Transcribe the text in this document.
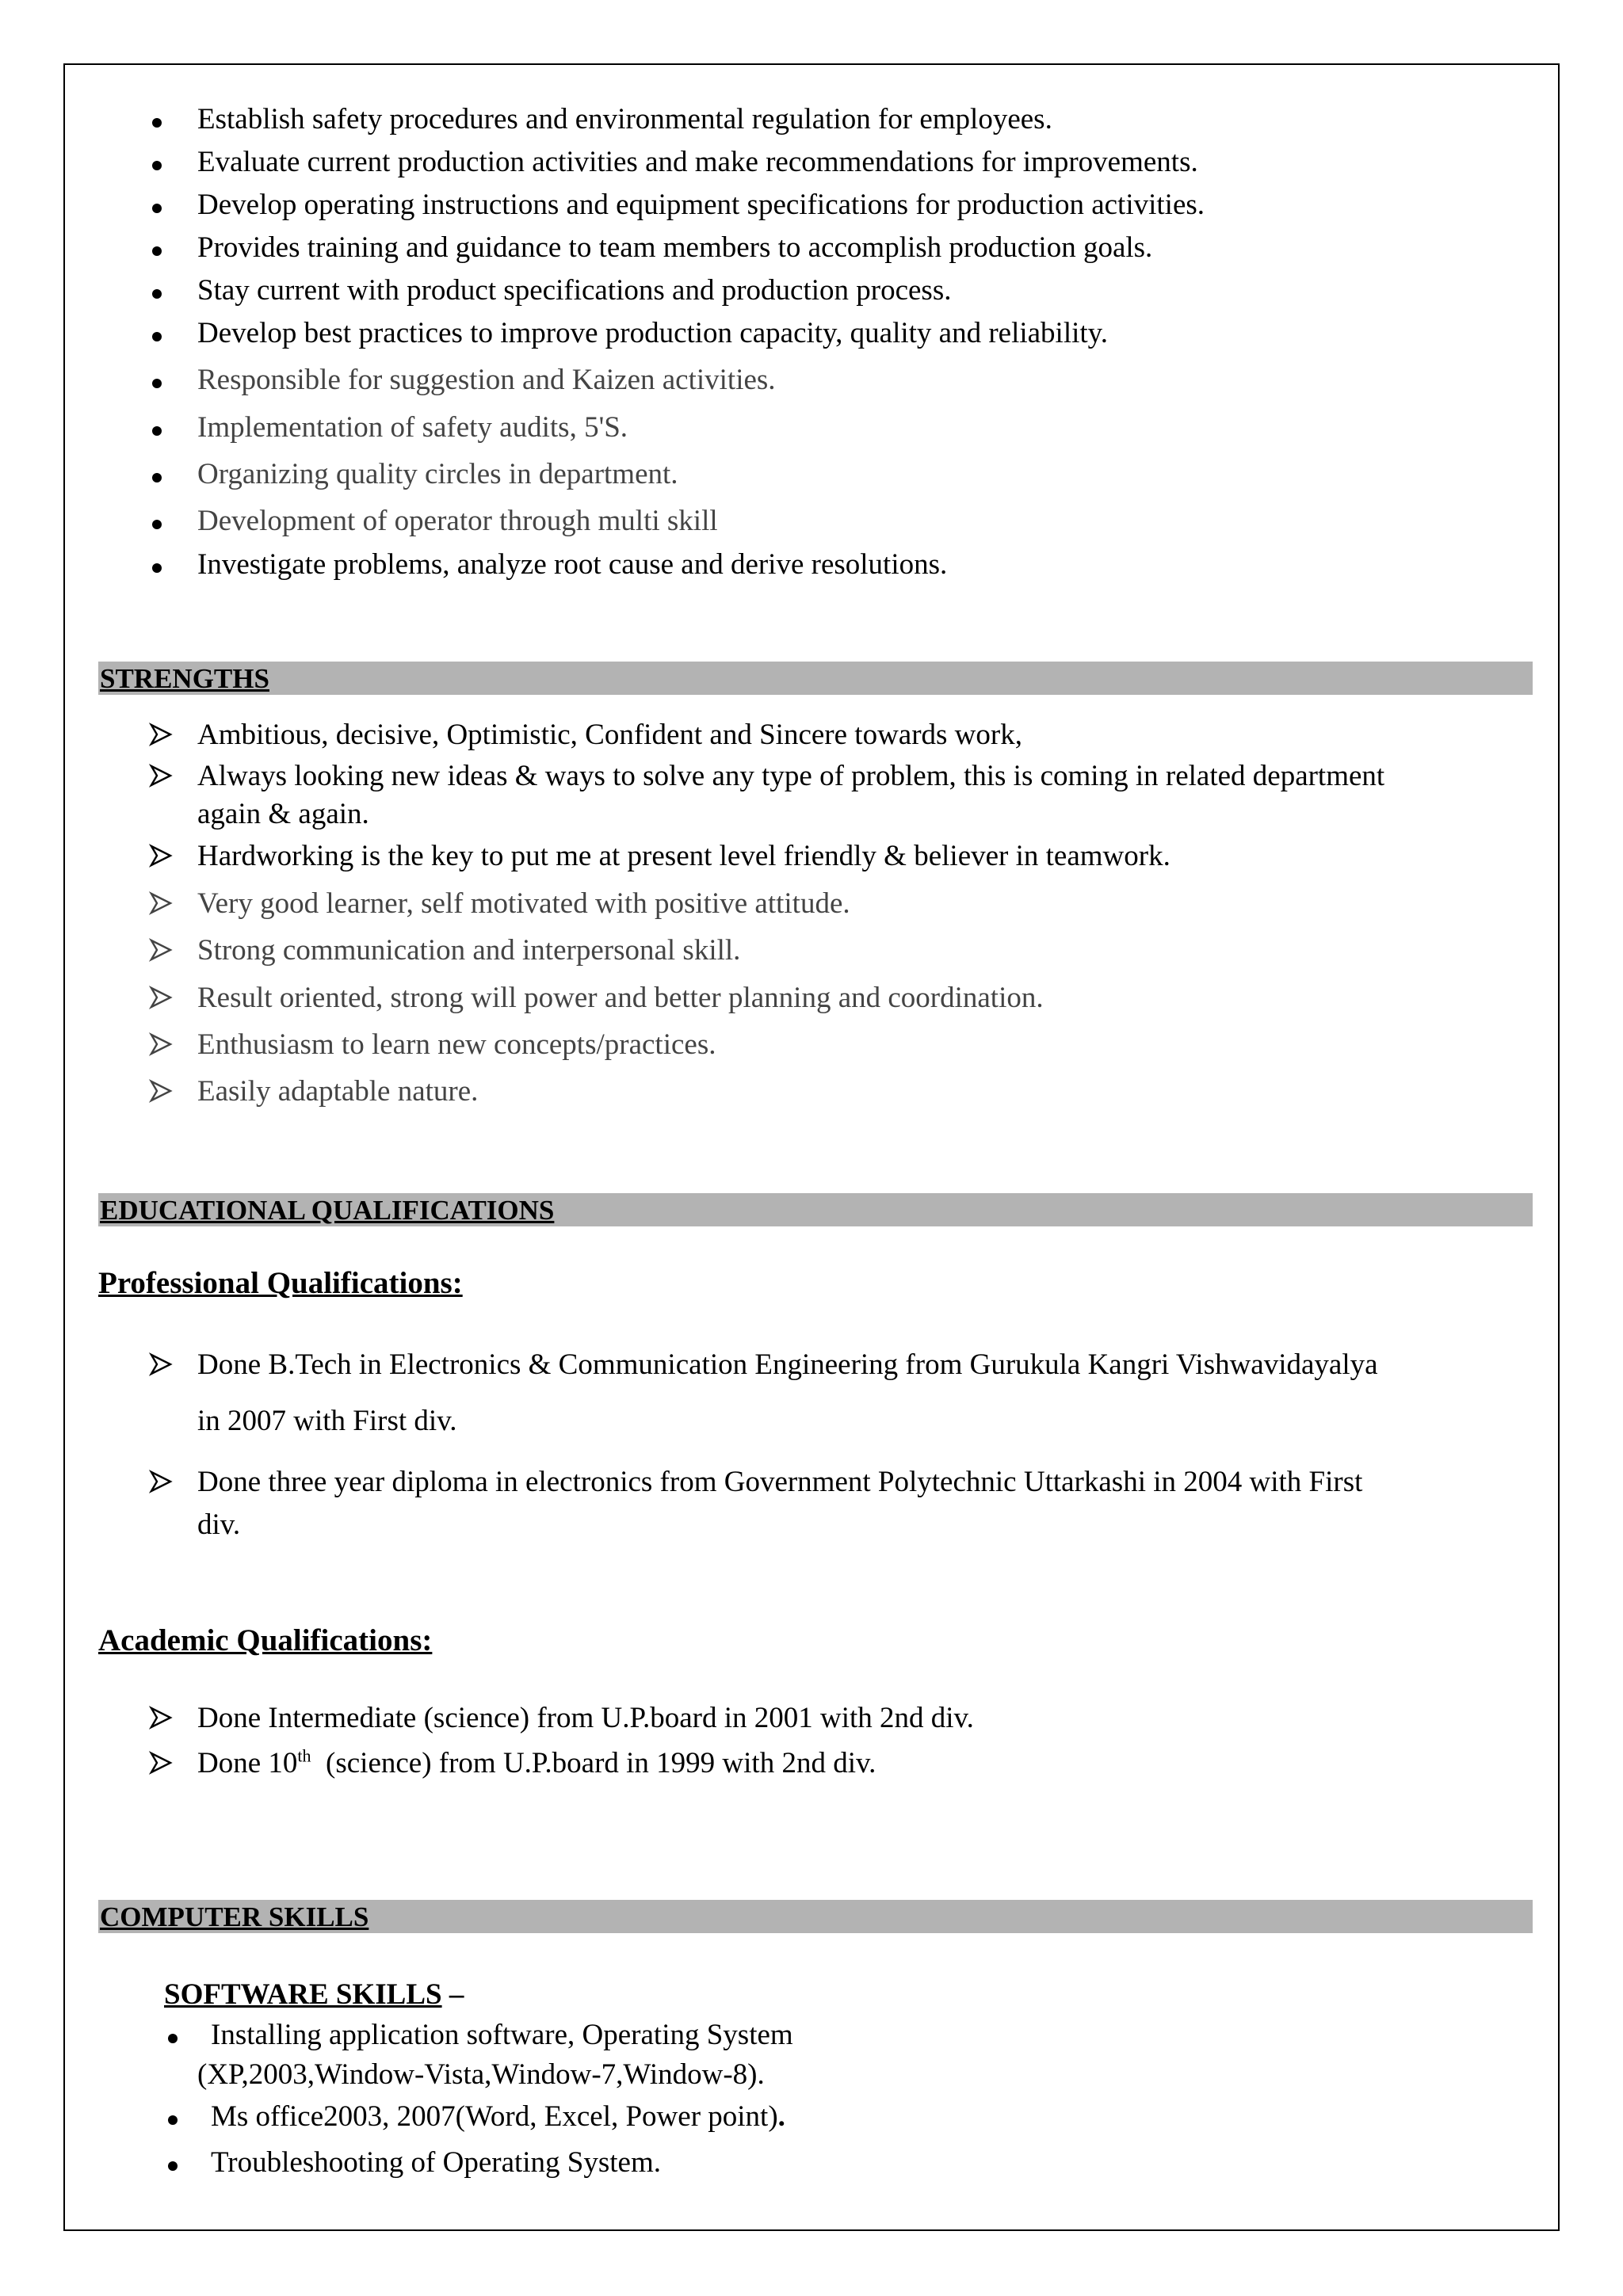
Establish safety procedures and environmental regulation for employees.
Evaluate current production activities and make recommendations for improvements.
Develop operating instructions and equipment specifications for production activities.
Provides training and guidance to team members to accomplish production goals.
Stay current with product specifications and production process.
Develop best practices to improve production capacity, quality and reliability.
Responsible for suggestion and Kaizen activities.
Implementation of safety audits, 5'S.
Organizing quality circles in department.
Development of operator through multi skill
Investigate problems, analyze root cause and derive resolutions.
STRENGTHS
Ambitious, decisive, Optimistic, Confident and Sincere towards work,
Always looking new ideas & ways to solve any type of problem, this is coming in related department
again & again.
Hardworking is the key to put me at present level friendly & believer in teamwork.
Very good learner, self motivated with positive attitude.
Strong communication and interpersonal skill.
Result oriented, strong will power and better planning and coordination.
Enthusiasm to learn new concepts/practices.
Easily adaptable nature.
EDUCATIONAL QUALIFICATIONS
Professional Qualifications:
Done B.Tech in Electronics & Communication Engineering from Gurukula Kangri Vishwavidayalya
in 2007 with First div.
Done three year diploma in electronics from Government Polytechnic Uttarkashi in 2004 with First
div.
Academic Qualifications:
Done Intermediate (science) from U.P.board in 2001 with 2nd div.
Done 10th  (science) from U.P.board in 1999 with 2nd div.
COMPUTER SKILLS
SOFTWARE SKILLS –
Installing application software, Operating System
(XP,2003,Window-Vista,Window-7,Window-8).
Ms office2003, 2007(Word, Excel, Power point).
Troubleshooting of Operating System.
